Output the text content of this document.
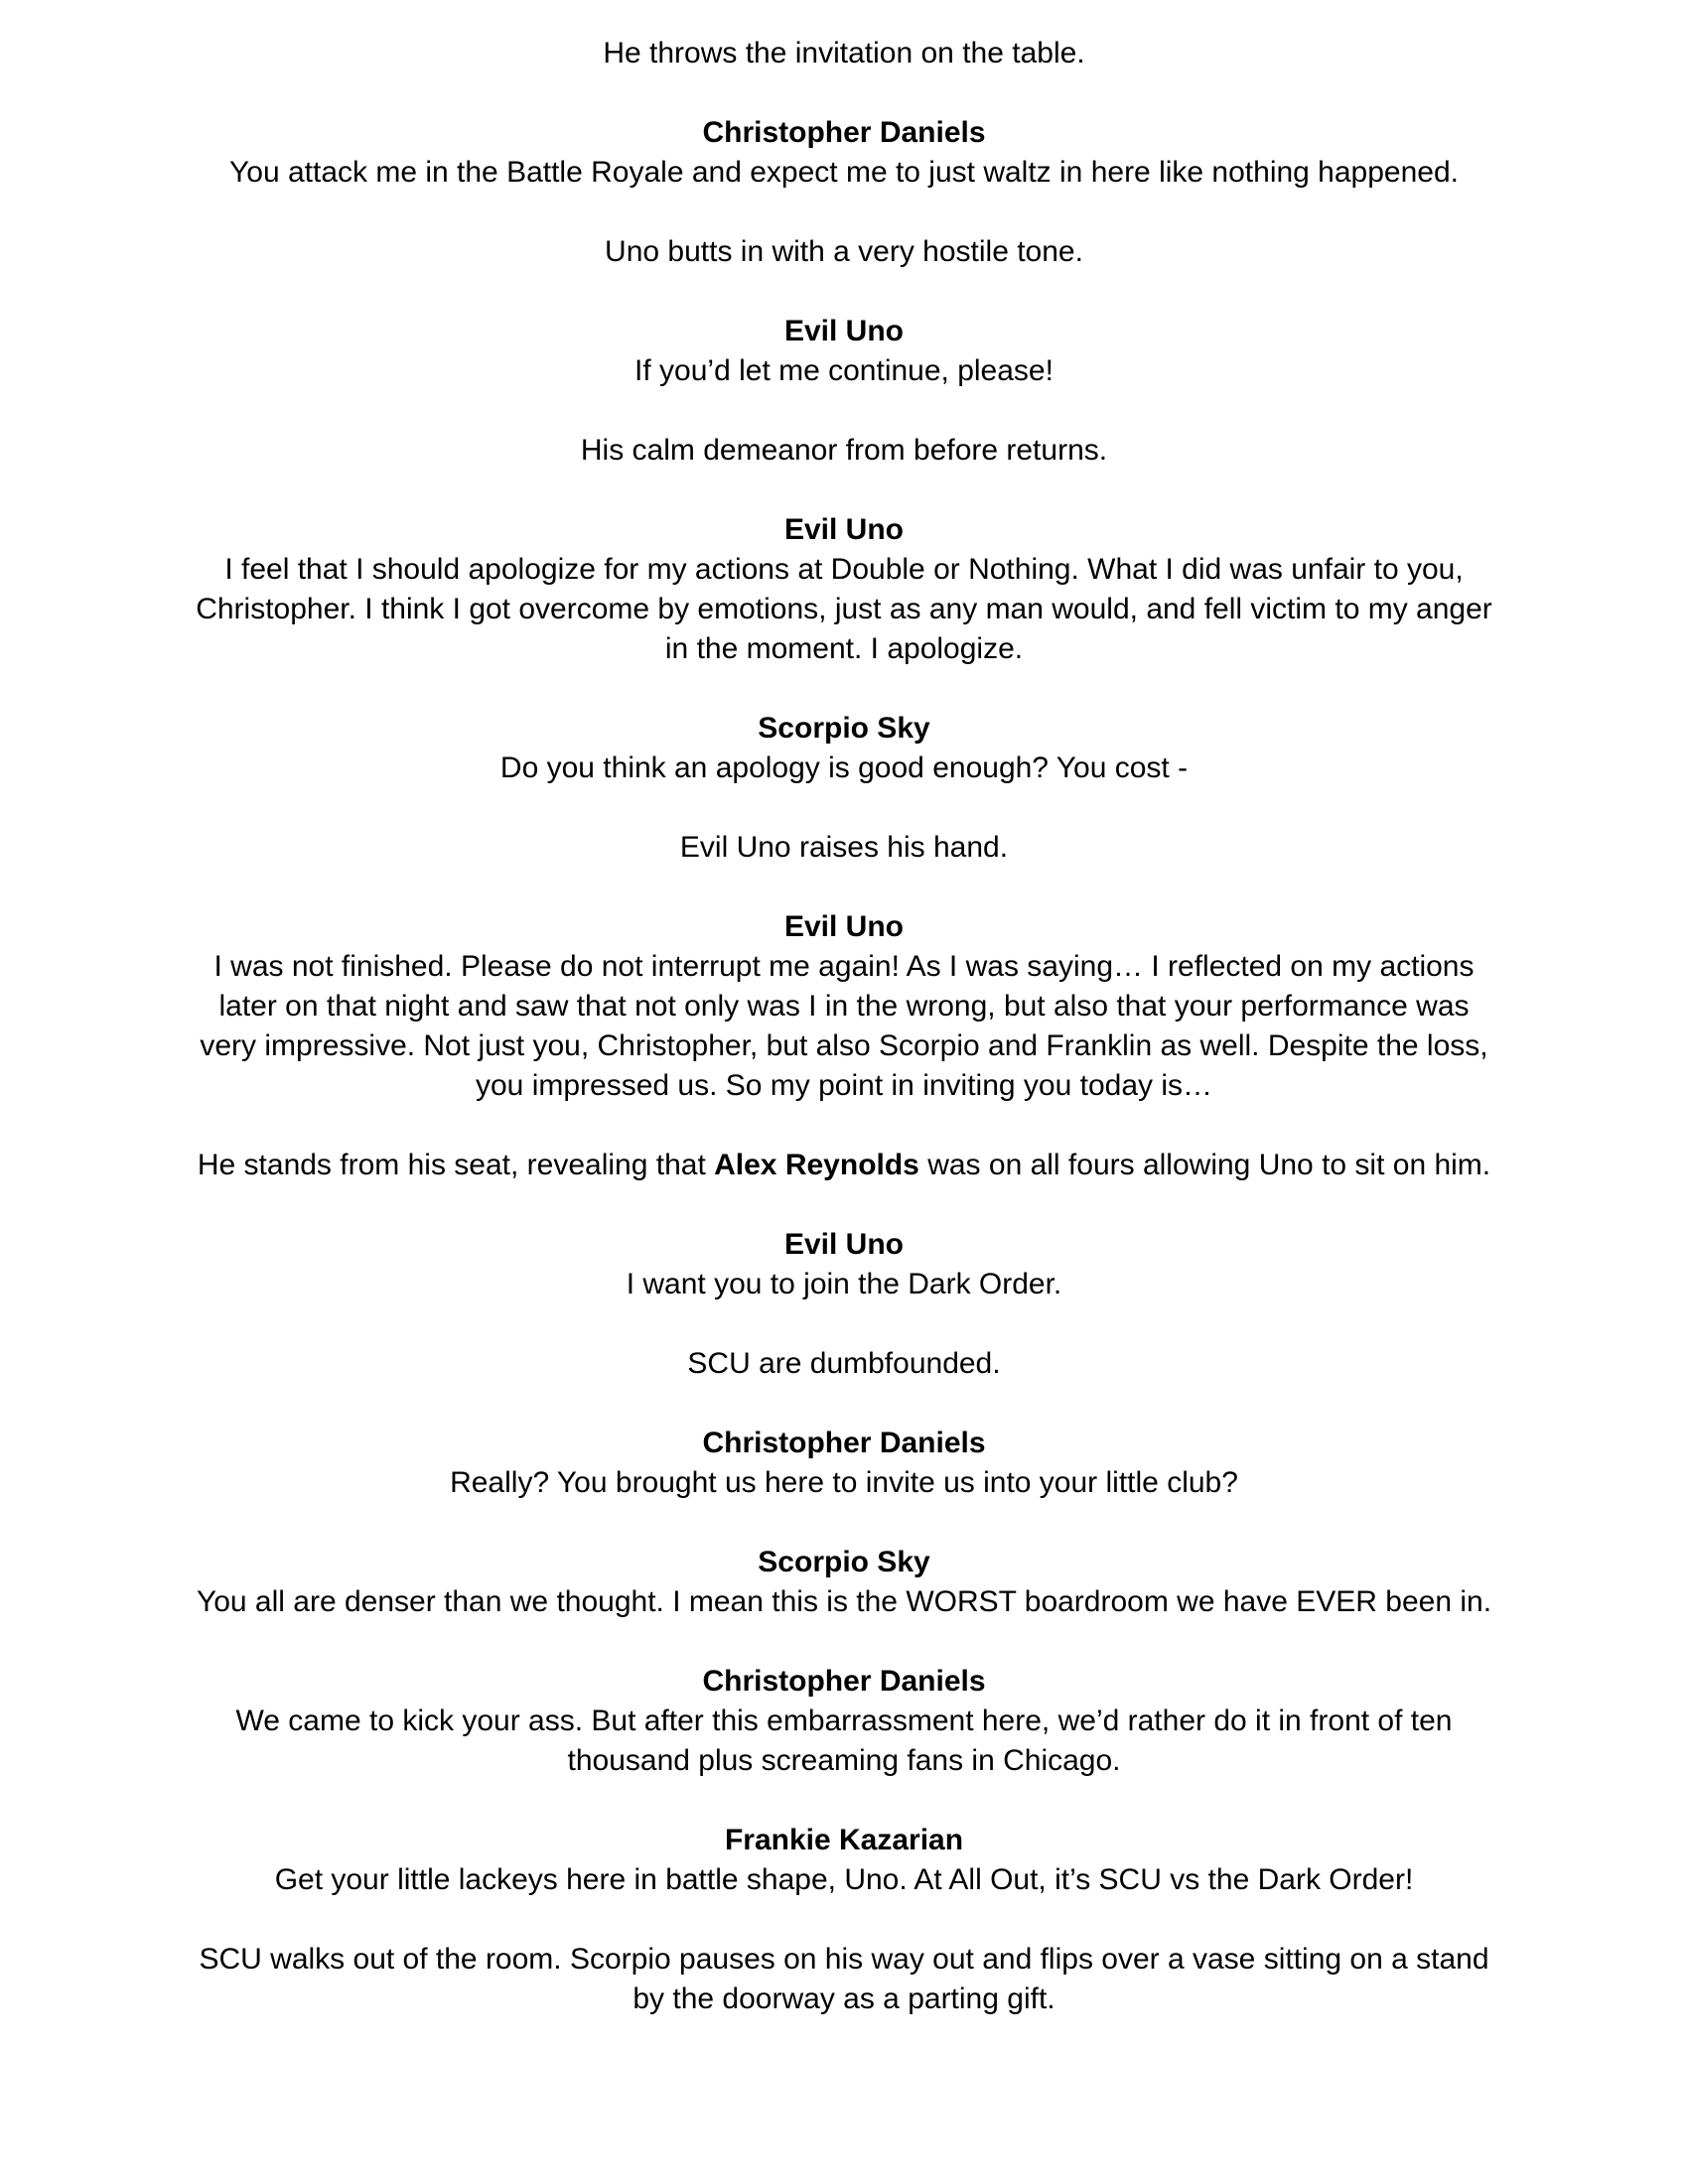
He throws the invitation on the table.
Christopher Daniels
You attack me in the Battle Royale and expect me to just waltz in here like nothing happened.
Uno butts in with a very hostile tone.
Evil Uno
If you’d let me continue, please!
His calm demeanor from before returns.
Evil Uno
I feel that I should apologize for my actions at Double or Nothing. What I did was unfair to you, Christopher. I think I got overcome by emotions, just as any man would, and fell victim to my anger in the moment. I apologize.
Scorpio Sky
Do you think an apology is good enough? You cost -
Evil Uno raises his hand.
Evil Uno
I was not finished. Please do not interrupt me again! As I was saying… I reflected on my actions later on that night and saw that not only was I in the wrong, but also that your performance was very impressive. Not just you, Christopher, but also Scorpio and Franklin as well. Despite the loss, you impressed us. So my point in inviting you today is…
He stands from his seat, revealing that Alex Reynolds was on all fours allowing Uno to sit on him.
Evil Uno
I want you to join the Dark Order.
SCU are dumbfounded.
Christopher Daniels
Really? You brought us here to invite us into your little club?
Scorpio Sky
You all are denser than we thought. I mean this is the WORST boardroom we have EVER been in.
Christopher Daniels
We came to kick your ass. But after this embarrassment here, we’d rather do it in front of ten thousand plus screaming fans in Chicago.
Frankie Kazarian
Get your little lackeys here in battle shape, Uno. At All Out, it’s SCU vs the Dark Order!
SCU walks out of the room. Scorpio pauses on his way out and flips over a vase sitting on a stand by the doorway as a parting gift.
